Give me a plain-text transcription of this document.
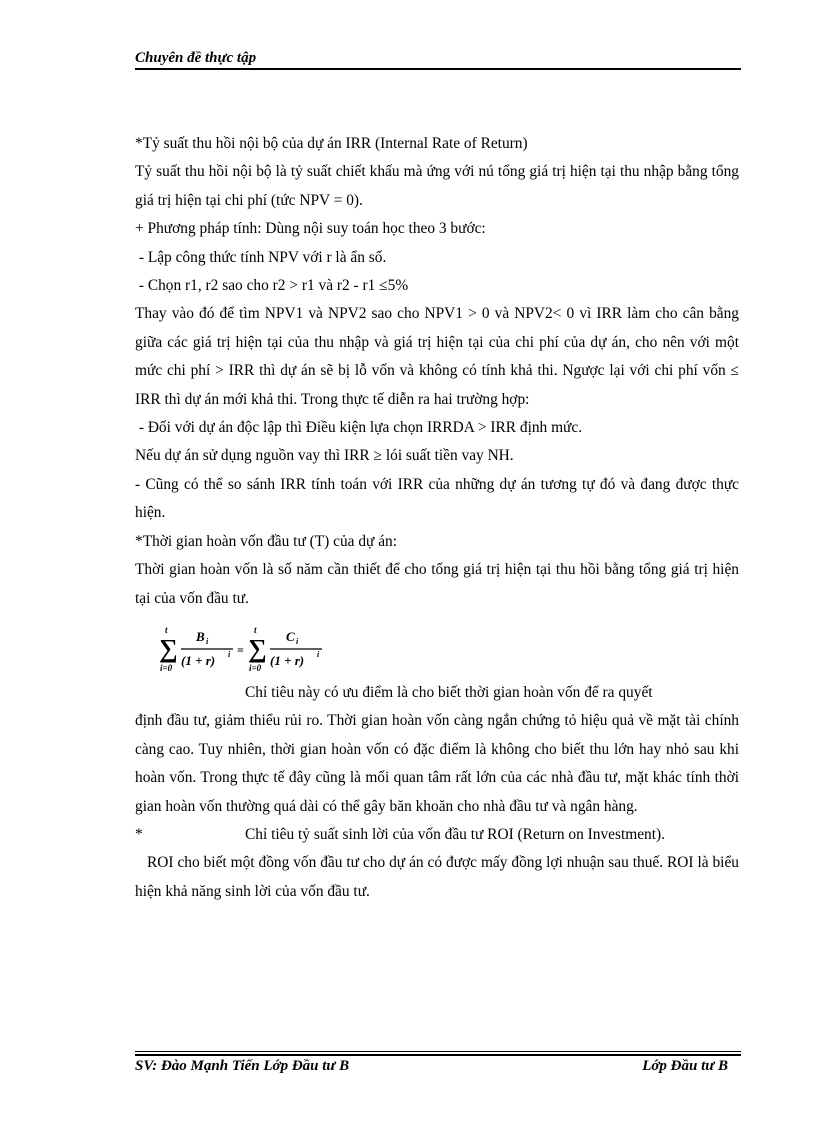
Chuyên đề thực tập

*Tỷ suất thu hồi nội bộ của dự án IRR (Internal Rate of Return)

Tỷ suất thu hồi nội bộ là tỷ suất chiết khấu mà ứng với nú tổng giá trị hiện tại thu nhập bằng tổng giá trị hiện tại chi phí (tức NPV = 0).

+ Phương pháp tính: Dùng nội suy toán học theo 3 bước:

- Lập công thức tính NPV với r là ẩn số.

- Chọn r1, r2 sao cho r2 > r1 và r2 - r1 ≤5%

Thay vào đó để tìm NPV1 và NPV2 sao cho NPV1 > 0 và NPV2< 0 vì IRR làm cho cân bằng giữa các giá trị hiện tại của thu nhập và giá trị hiện tại của chi phí của dự án, cho nên với một mức chi phí > IRR thì dự án sẽ bị lỗ vốn và không có tính khả thi. Ngược lại với chi phí vốn ≤ IRR thì dự án mới khả thi. Trong thực tế diễn ra hai trường hợp:

- Đối với dự án độc lập thì Điều kiện lựa chọn IRRDA > IRR định mức.

Nếu dự án sử dụng nguồn vay thì IRR ≥ lói suất tiền vay NH.

- Cũng có thể so sánh IRR tính toán với IRR của những dự án tương tự đó và đang được thực hiện.

*Thời gian hoàn vốn đầu tư (T) của dự án:

Thời gian hoàn vốn là số năm cần thiết để cho tổng giá trị hiện tại thu hồi bằng tổng giá trị hiện tại của vốn đầu tư.

t
∑
i=0
B i
(1 + r) i =
t
∑
i=0
C i
(1 + r) i

Chỉ tiêu này có ưu điểm là cho biết thời gian hoàn vốn để ra quyết

định đầu tư, giảm thiểu rủi ro. Thời gian hoàn vốn càng ngắn chứng tỏ hiệu quả về mặt tài chính càng cao. Tuy nhiên, thời gian hoàn vốn có đặc điểm là không cho biết thu lớn hay nhỏ sau khi hoàn vốn. Trong thực tế đây cũng là mối quan tâm rất lớn của các nhà đầu tư, mặt khác tính thời gian hoàn vốn thường quá dài có thể gây băn khoăn cho nhà đầu tư và ngân hàng.

*	Chỉ tiêu tỷ suất sinh lời của vốn đầu tư ROI (Return on Investment).

ROI cho biết một đồng vốn đầu tư cho dự án có được mấy đồng lợi nhuận sau thuế. ROI là biểu hiện khả năng sinh lời của vốn đầu tư.

SV: Đào Mạnh Tiến Lớp Đầu tư B	Lớp Đầu tư B
